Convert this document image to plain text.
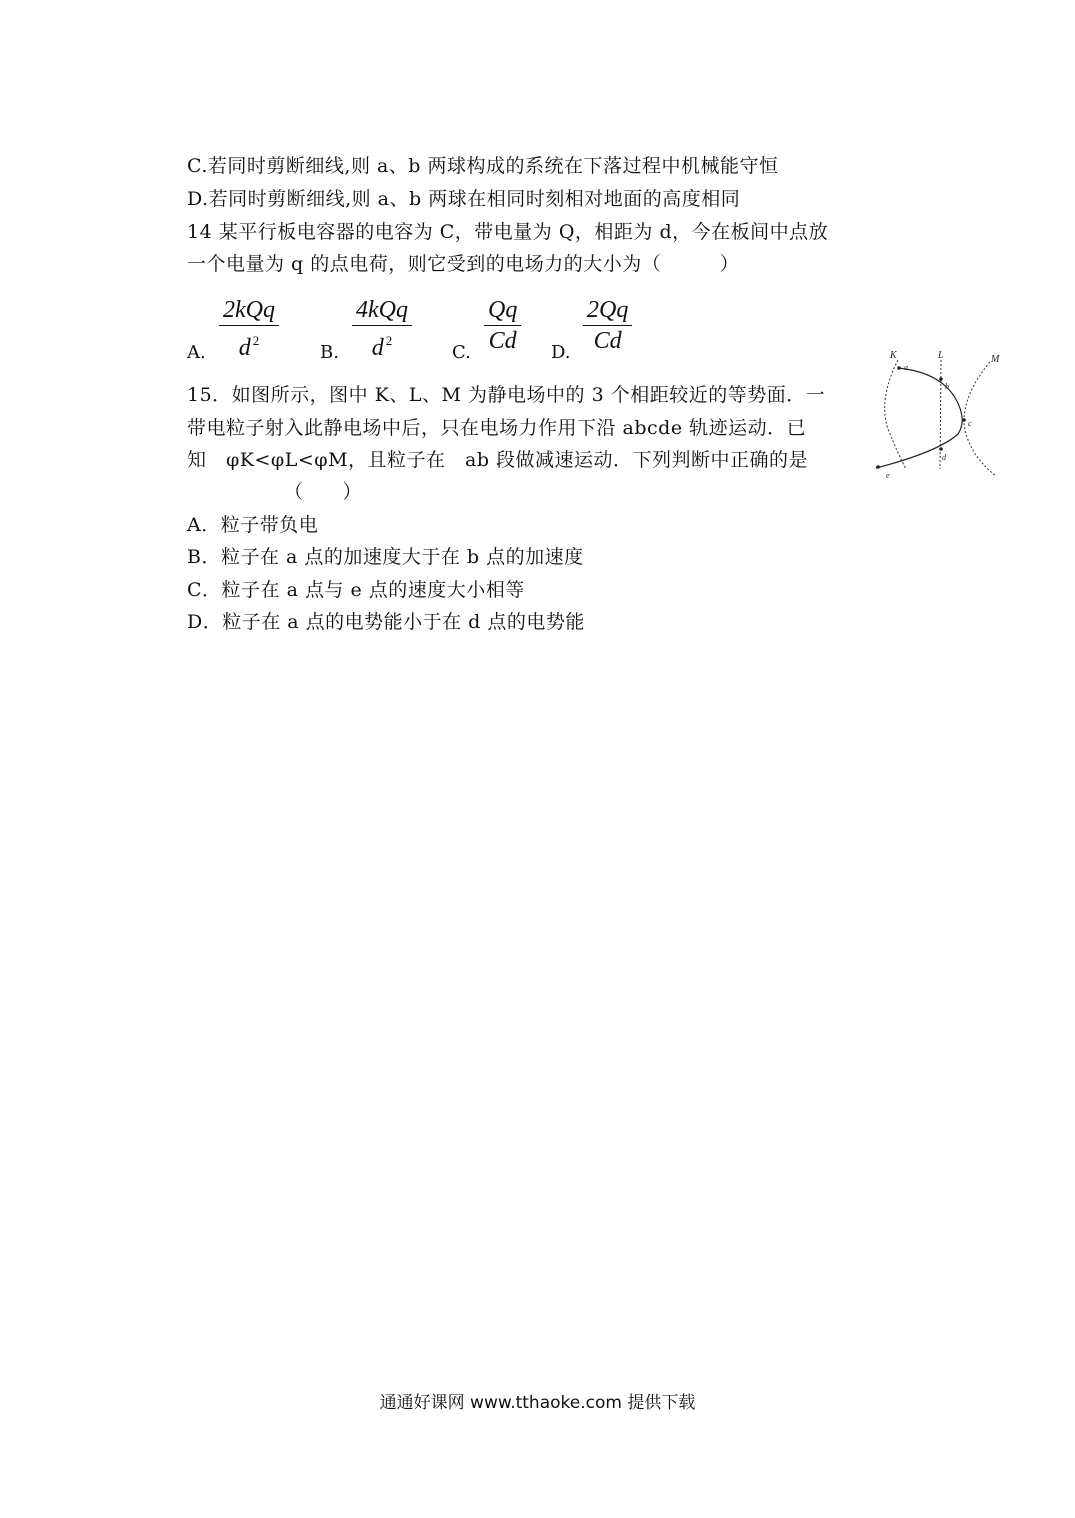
C.若同时剪断细线,则 a、b 两球构成的系统在下落过程中机械能守恒
D.若同时剪断细线,则 a、b 两球在相同时刻相对地面的高度相同
14 某平行板电容器的电容为 C，带电量为 Q，相距为 d，今在板间中点放
一个电量为 q 的点电荷，则它受到的电场力的大小为（　　　）
A.
2kQq
d $^2$
B.
4kQq
d $^2$
C. $\frac{Qq}{Cd} D$. $\frac{2Qq}{Cd}$
15．如图所示，图中 K、L、M 为静电场中的 3 个相距较近的等势面．一
带电粒子射入此静电场中后，只在电场力作用下沿 abcde 轨迹运动．已
知　φK<φL<φM，且粒子在　ab 段做减速运动．下列判断中正确的是
（　　）
A．粒子带负电
B．粒子在 a 点的加速度大于在 b 点的加速度
C．粒子在 a 点与 e 点的速度大小相等
D．粒子在 a 点的电势能小于在 d 点的电势能
K	L	M
a
b
c
d
e
通通好课网 www.tthaoke.com 提供下载
